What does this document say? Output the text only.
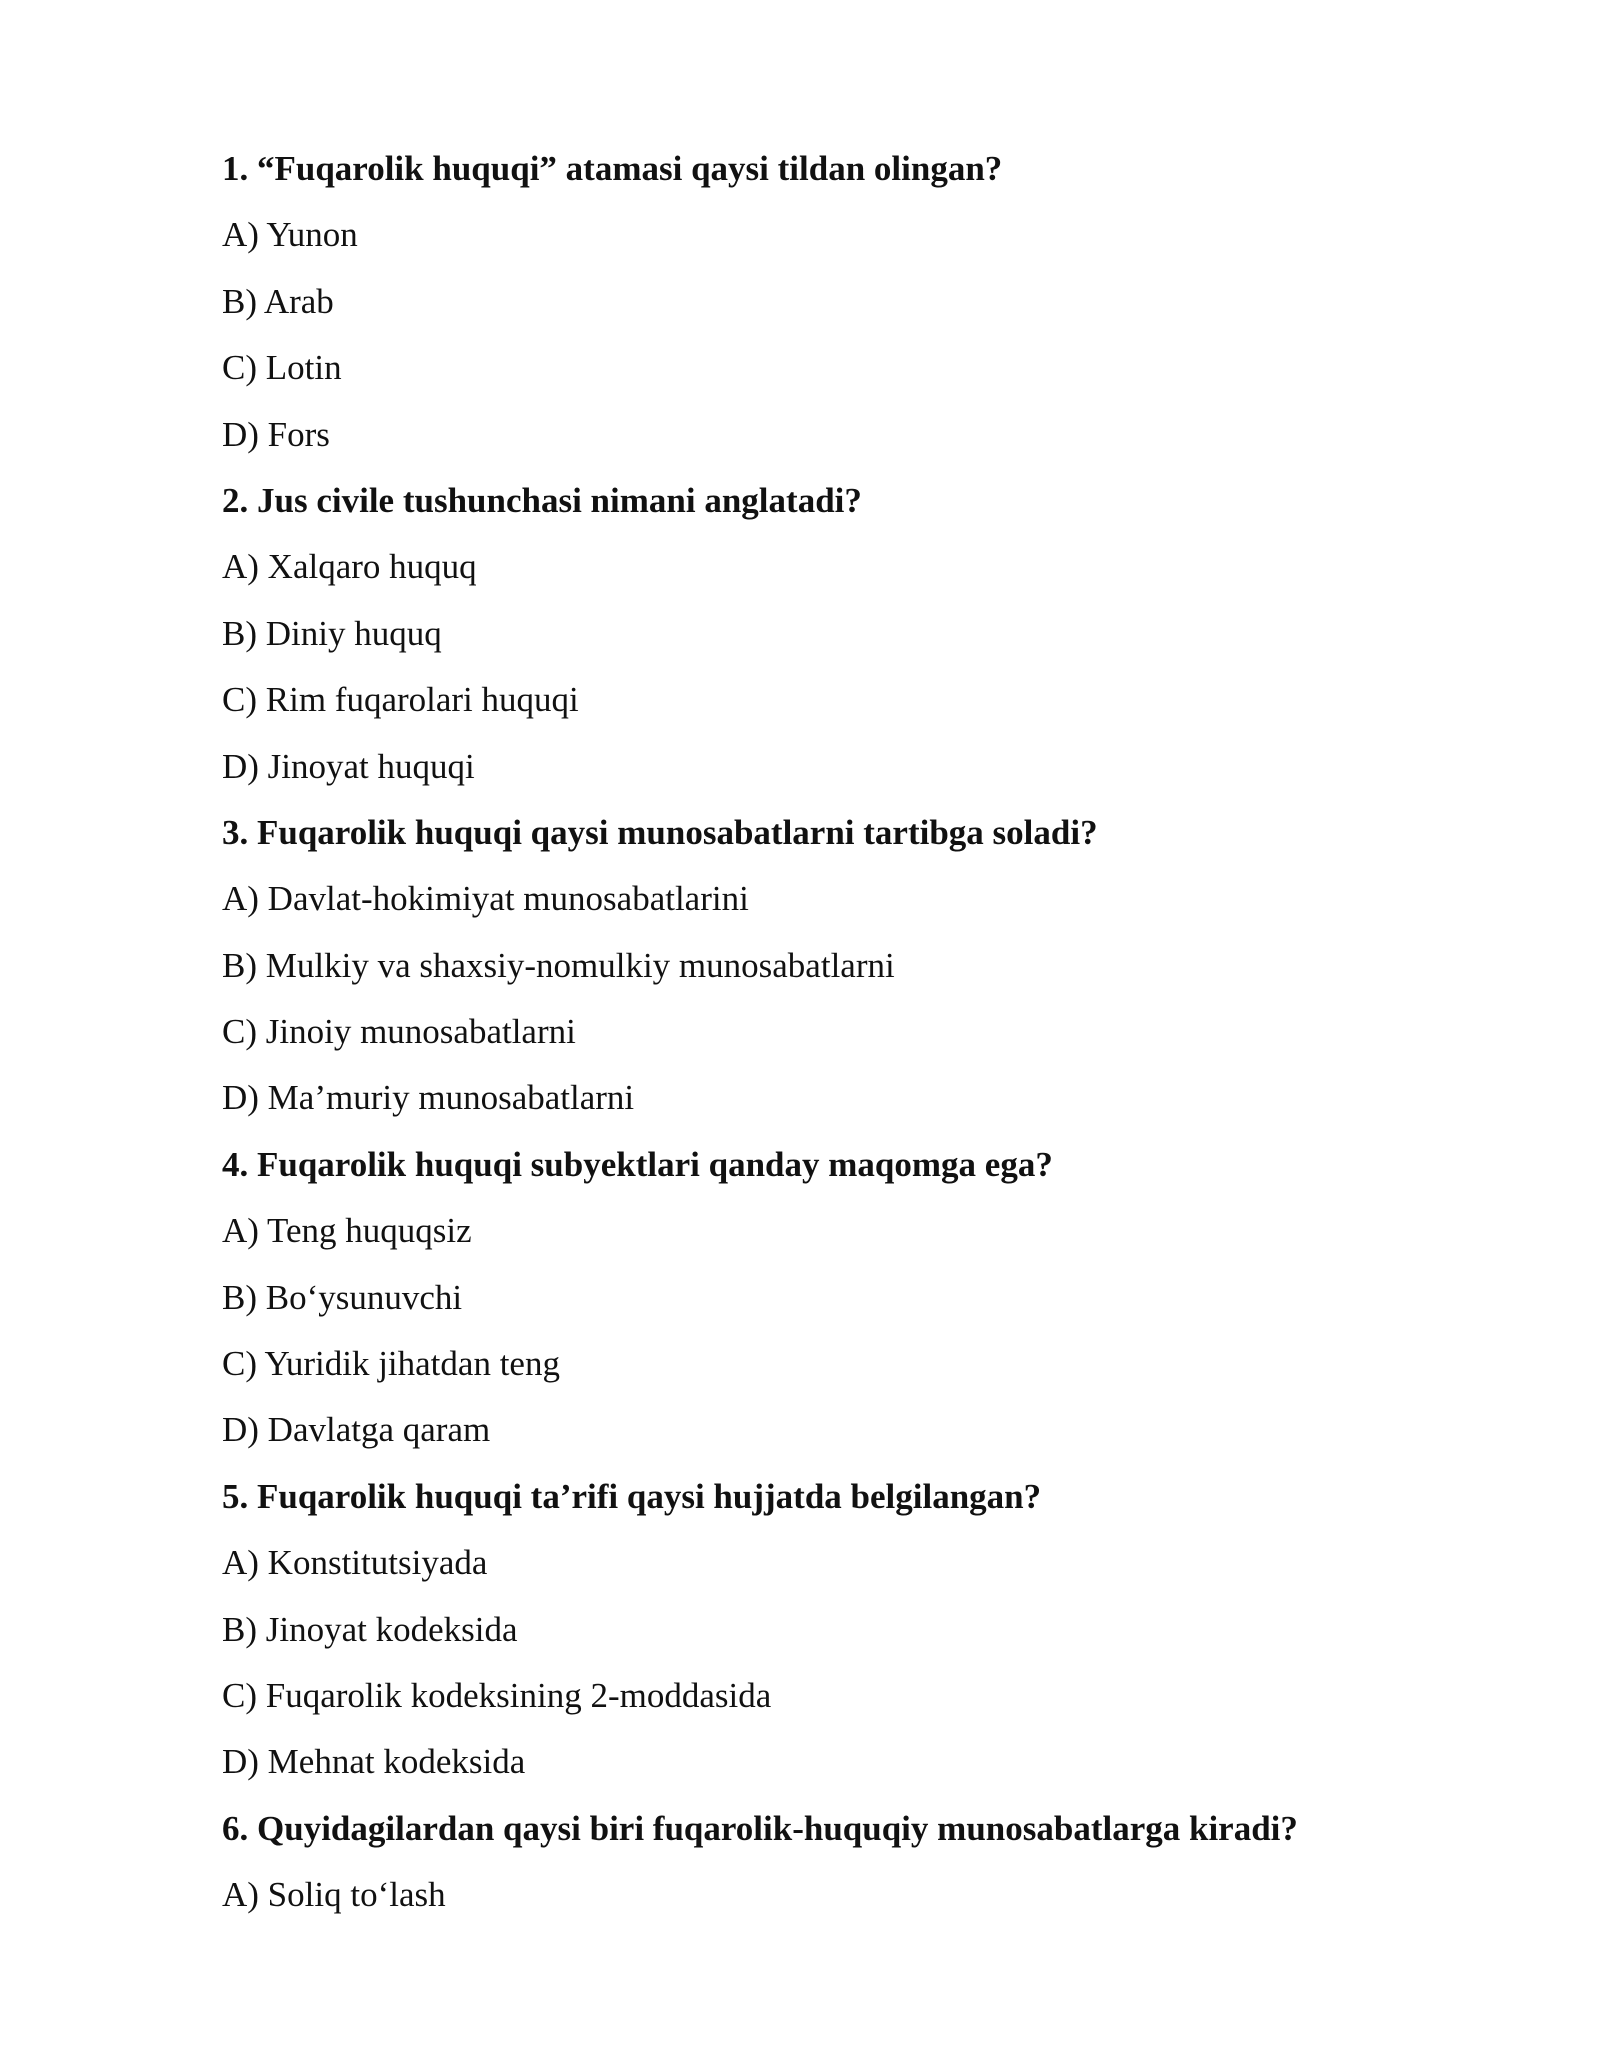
1. “Fuqarolik huquqi” atamasi qaysi tildan olingan?
A) Yunon
B) Arab
C) Lotin
D) Fors
2. Jus civile tushunchasi nimani anglatadi?
A) Xalqaro huquq
B) Diniy huquq
C) Rim fuqarolari huquqi
D) Jinoyat huquqi
3. Fuqarolik huquqi qaysi munosabatlarni tartibga soladi?
A) Davlat-hokimiyat munosabatlarini
B) Mulkiy va shaxsiy-nomulkiy munosabatlarni
C) Jinoiy munosabatlarni
D) Ma’muriy munosabatlarni
4. Fuqarolik huquqi subyektlari qanday maqomga ega?
A) Teng huquqsiz
B) Bo‘ysunuvchi
C) Yuridik jihatdan teng
D) Davlatga qaram
5. Fuqarolik huquqi ta’rifi qaysi hujjatda belgilangan?
A) Konstitutsiyada
B) Jinoyat kodeksida
C) Fuqarolik kodeksining 2-moddasida
D) Mehnat kodeksida
6. Quyidagilardan qaysi biri fuqarolik-huquqiy munosabatlarga kiradi?
A) Soliq to‘lash
